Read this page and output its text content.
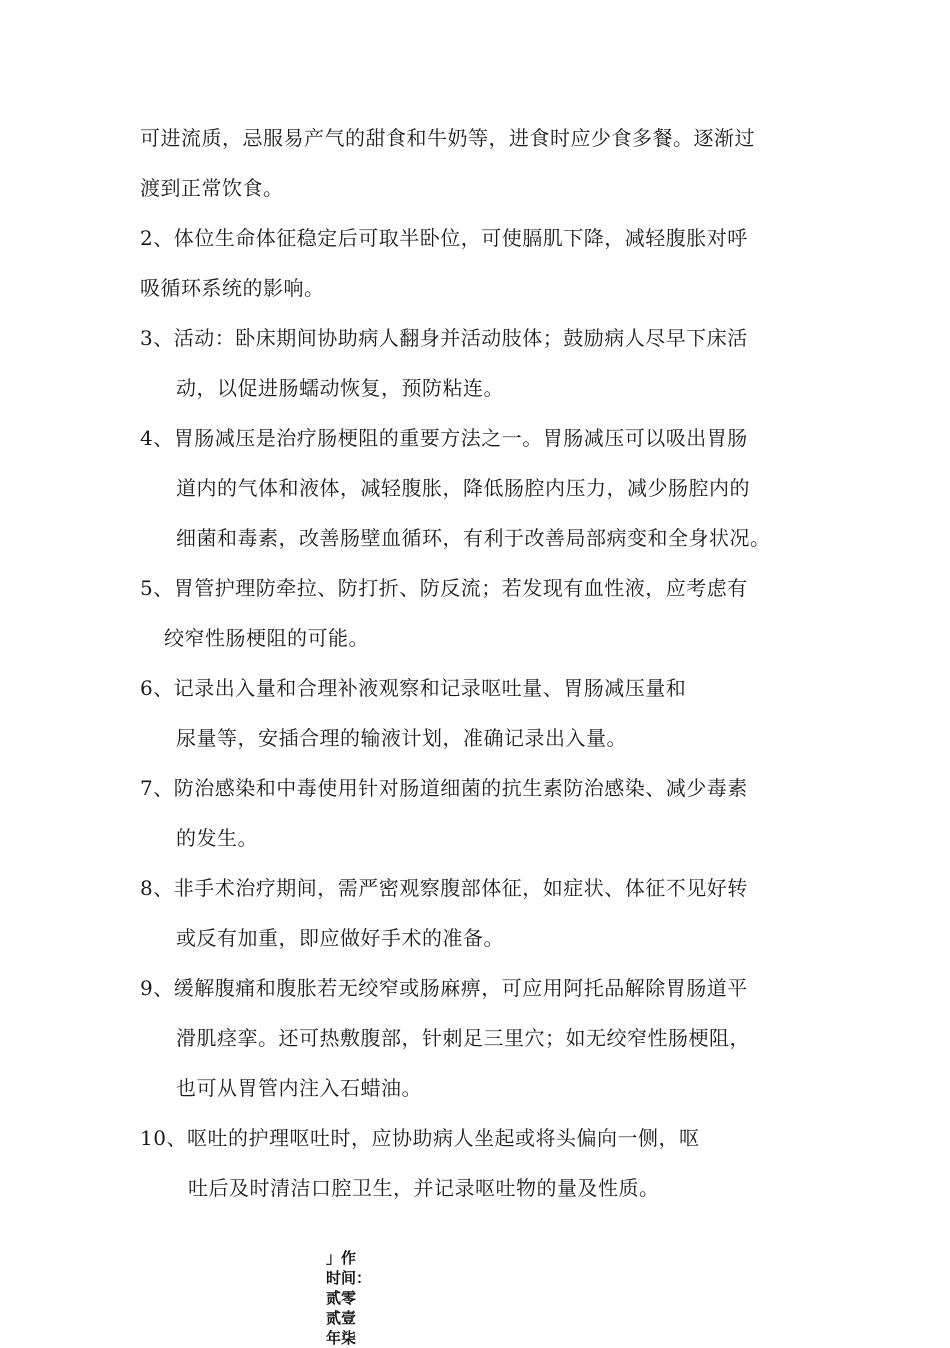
可进流质，忌服易产气的甜食和牛奶等，进食时应少食多餐。逐渐过
渡到正常饮食。
2、体位生命体征稳定后可取半卧位，可使膈肌下降，减轻腹胀对呼
吸循环系统的影响。
3、活动：卧床期间协助病人翻身并活动肢体；鼓励病人尽早下床活
动，以促进肠蠕动恢复，预防粘连。
4、胃肠减压是治疗肠梗阻的重要方法之一。胃肠减压可以吸出胃肠
道内的气体和液体，减轻腹胀，降低肠腔内压力，减少肠腔内的
细菌和毒素，改善肠壁血循环，有利于改善局部病变和全身状况。
5、胃管护理防牵拉、防打折、防反流；若发现有血性液，应考虑有
绞窄性肠梗阻的可能。
6、记录出入量和合理补液观察和记录呕吐量、胃肠减压量和
尿量等，安插合理的输液计划，准确记录出入量。
7、防治感染和中毒使用针对肠道细菌的抗生素防治感染、减少毒素
的发生。
8、非手术治疗期间，需严密观察腹部体征，如症状、体征不见好转
或反有加重，即应做好手术的准备。
9、缓解腹痛和腹胀若无绞窄或肠麻痹，可应用阿托品解除胃肠道平
滑肌痉挛。还可热敷腹部，针刺足三里穴；如无绞窄性肠梗阻，
也可从胃管内注入石蜡油。
10、呕吐的护理呕吐时，应协助病人坐起或将头偏向一侧，呕
吐后及时清洁口腔卫生，并记录呕吐物的量及性质。
」作
时间：
贰零
贰壹
年柒
